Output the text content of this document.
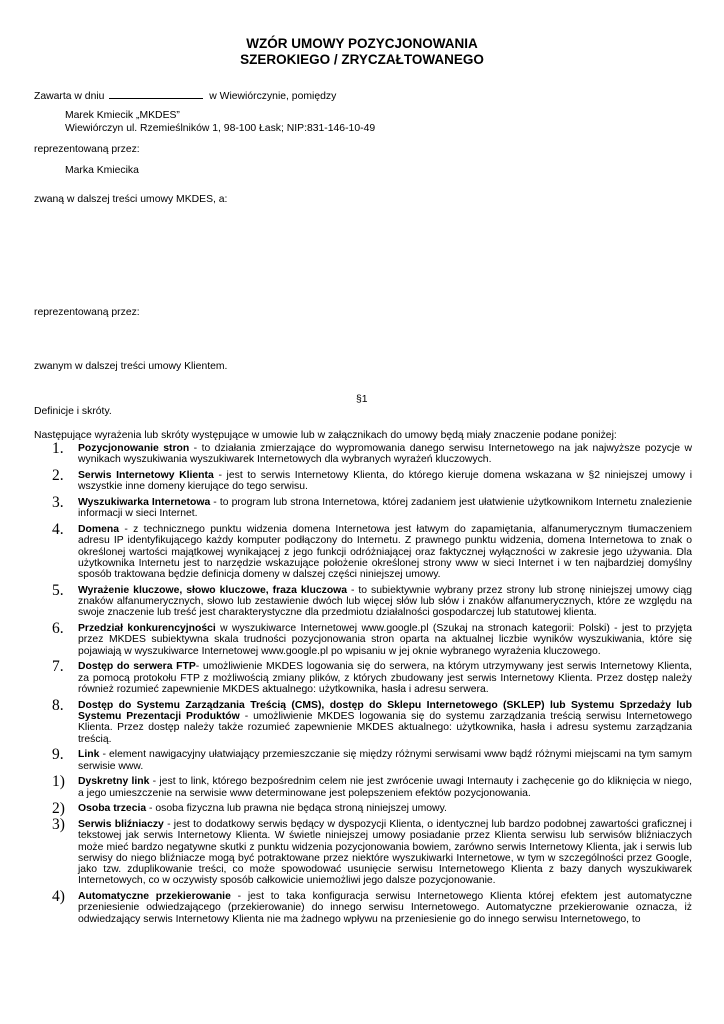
WZÓR UMOWY POZYCJONOWANIA
SZEROKIEGO / ZRYCZAŁTOWANEGO
Zawarta w dniu	w Wiewiórczynie, pomiędzy
Marek Kmiecik „MKDES”
Wiewiórczyn ul. Rzemieślników 1, 98-100 Łask; NIP:831-146-10-49
reprezentowaną przez:
Marka Kmiecika
zwaną w dalszej treści umowy MKDES, a:
reprezentowaną przez:
zwanym w dalszej treści umowy Klientem.
§1
Definicje i skróty.
Następujące wyrażenia lub skróty występujące w umowie lub w załącznikach do umowy będą miały znaczenie podane poniżej:
1. Pozycjonowanie stron - to działania zmierzające do wypromowania danego serwisu Internetowego na jak najwyższe pozycje w wynikach wyszukiwania wyszukiwarek Internetowych dla wybranych wyrażeń kluczowych.
2. Serwis Internetowy Klienta - jest to serwis Internetowy Klienta, do którego kieruje domena wskazana w §2 niniejszej umowy i wszystkie inne domeny kierujące do tego serwisu.
3. Wyszukiwarka Internetowa - to program lub strona Internetowa, której zadaniem jest ułatwienie użytkownikom Internetu znalezienie informacji w sieci Internet.
4. Domena - z technicznego punktu widzenia domena Internetowa jest łatwym do zapamiętania, alfanumerycznym tłumaczeniem adresu IP identyfikującego każdy komputer podłączony do Internetu. Z prawnego punktu widzenia, domena Internetowa to znak o określonej wartości majątkowej wynikającej z jego funkcji odróżniającej oraz faktycznej wyłączności w zakresie jego używania. Dla użytkownika Internetu jest to narzędzie wskazujące położenie określonej strony www w sieci Internet i w ten najbardziej domyślny sposób traktowana będzie definicja domeny w dalszej części niniejszej umowy.
5. Wyrażenie kluczowe, słowo kluczowe, fraza kluczowa - to subiektywnie wybrany przez strony lub stronę niniejszej umowy ciąg znaków alfanumerycznych, słowo lub zestawienie dwóch lub więcej słów lub słów i znaków alfanumerycznych, które ze względu na swoje znaczenie lub treść jest charakterystyczne dla przedmiotu działalności gospodarczej lub statutowej klienta.
6. Przedział konkurencyjności w wyszukiwarce Internetowej www.google.pl (Szukaj na stronach kategorii: Polski) - jest to przyjęta przez MKDES subiektywna skala trudności pozycjonowania stron oparta na aktualnej liczbie wyników wyszukiwania, które się pojawiają w wyszukiwarce Internetowej www.google.pl po wpisaniu w jej oknie wybranego wyrażenia kluczowego.
7. Dostęp do serwera FTP- umożliwienie MKDES logowania się do serwera, na którym utrzymywany jest serwis Internetowy Klienta, za pomocą protokołu FTP z możliwością zmiany plików, z których zbudowany jest serwis Internetowy Klienta. Przez dostęp należy również rozumieć zapewnienie MKDES aktualnego: użytkownika, hasła i adresu serwera.
8. Dostęp do Systemu Zarządzania Treścią (CMS), dostęp do Sklepu Internetowego (SKLEP) lub Systemu Sprzedaży lub Systemu Prezentacji Produktów - umożliwienie MKDES logowania się do systemu zarządzania treścią serwisu Internetowego Klienta. Przez dostęp należy także rozumieć zapewnienie MKDES aktualnego: użytkownika, hasła i adresu systemu zarządzania treścią.
9. Link - element nawigacyjny ułatwiający przemieszczanie się między różnymi serwisami www bądź różnymi miejscami na tym samym serwisie www.
1) Dyskretny link - jest to link, którego bezpośrednim celem nie jest zwrócenie uwagi Internauty i zachęcenie go do kliknięcia w niego, a jego umieszczenie na serwisie www determinowane jest polepszeniem efektów pozycjonowania.
2) Osoba trzecia - osoba fizyczna lub prawna nie będąca stroną niniejszej umowy.
3) Serwis bliźniaczy - jest to dodatkowy serwis będący w dyspozycji Klienta, o identycznej lub bardzo podobnej zawartości graficznej i tekstowej jak serwis Internetowy Klienta. W świetle niniejszej umowy posiadanie przez Klienta serwisu lub serwisów bliźniaczych może mieć bardzo negatywne skutki z punktu widzenia pozycjonowania bowiem, zarówno serwis Internetowy Klienta, jak i serwis lub serwisy do niego bliźniacze mogą być potraktowane przez niektóre wyszukiwarki Internetowe, w tym w szczególności przez Google, jako tzw. zduplikowanie treści, co może spowodować usunięcie serwisu Internetowego Klienta z bazy danych wyszukiwarek Internetowych, co w oczywisty sposób całkowicie uniemożliwi jego dalsze pozycjonowanie.
4) Automatyczne przekierowanie - jest to taka konfiguracja serwisu Internetowego Klienta której efektem jest automatyczne przeniesienie odwiedzającego (przekierowanie) do innego serwisu Internetowego. Automatyczne przekierowanie oznacza, iż odwiedzający serwis Internetowy Klienta nie ma żadnego wpływu na przeniesienie go do innego serwisu Internetowego, to
